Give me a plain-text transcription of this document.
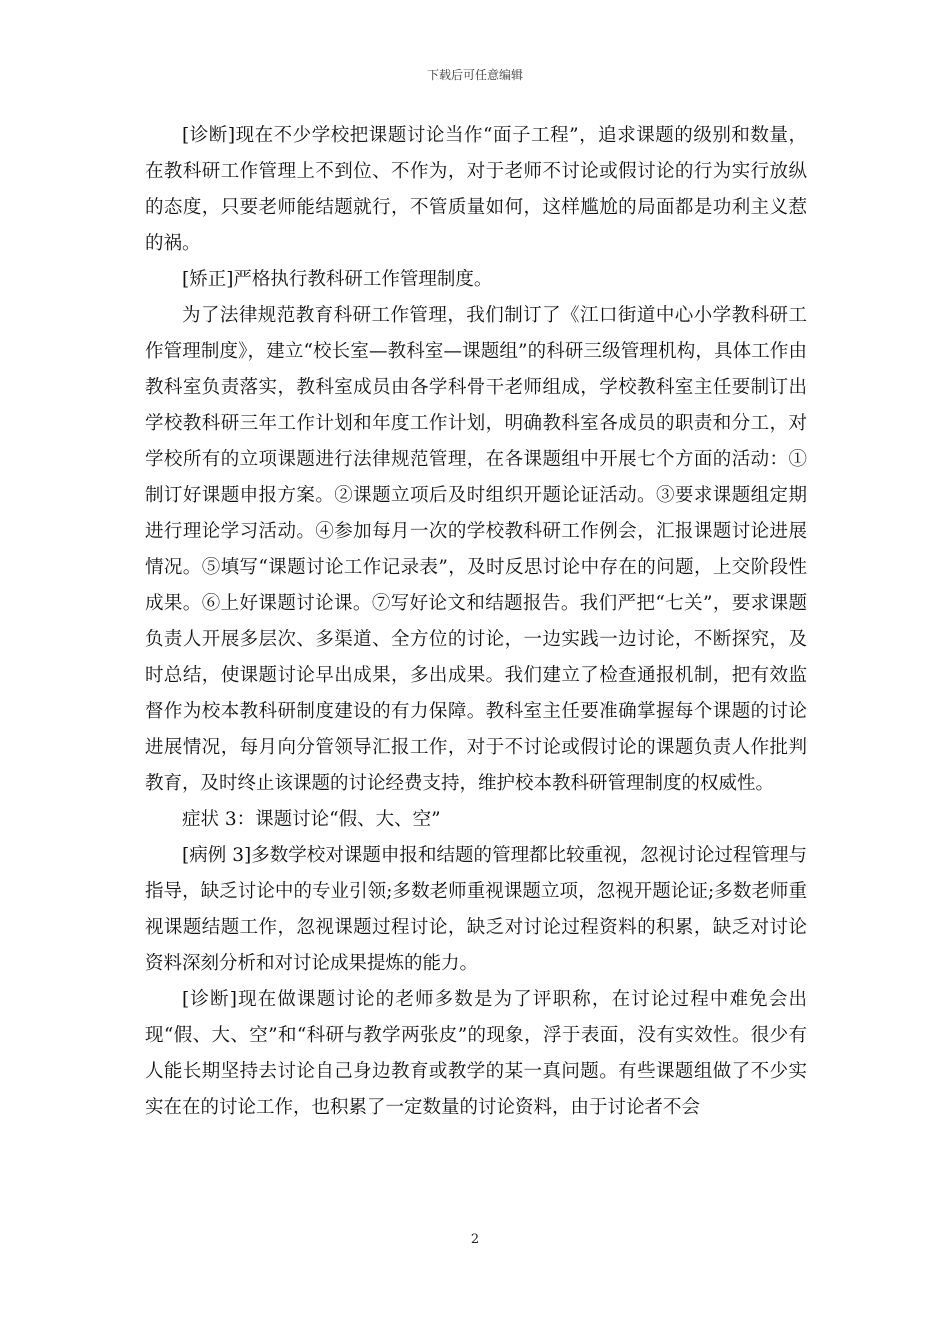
下载后可任意编辑

[诊断]现在不少学校把课题讨论当作“面子工程”，追求课题的级别和数量，在教科研工作管理上不到位、不作为，对于老师不讨论或假讨论的行为实行放纵的态度，只要老师能结题就行，不管质量如何，这样尴尬的局面都是功利主义惹的祸。

[矫正]严格执行教科研工作管理制度。

为了法律规范教育科研工作管理，我们制订了《江口街道中心小学教科研工作管理制度》，建立“校长室—教科室—课题组”的科研三级管理机构，具体工作由教科室负责落实，教科室成员由各学科骨干老师组成，学校教科室主任要制订出学校教科研三年工作计划和年度工作计划，明确教科室各成员的职责和分工，对学校所有的立项课题进行法律规范管理，在各课题组中开展七个方面的活动：①制订好课题申报方案。②课题立项后及时组织开题论证活动。③要求课题组定期进行理论学习活动。④参加每月一次的学校教科研工作例会，汇报课题讨论进展情况。⑤填写“课题讨论工作记录表”，及时反思讨论中存在的问题，上交阶段性成果。⑥上好课题讨论课。⑦写好论文和结题报告。我们严把“七关”，要求课题负责人开展多层次、多渠道、全方位的讨论，一边实践一边讨论，不断探究，及时总结，使课题讨论早出成果，多出成果。我们建立了检查通报机制，把有效监督作为校本教科研制度建设的有力保障。教科室主任要准确掌握每个课题的讨论进展情况，每月向分管领导汇报工作，对于不讨论或假讨论的课题负责人作批判教育，及时终止该课题的讨论经费支持，维护校本教科研管理制度的权威性。

症状 3：课题讨论“假、大、空”

[病例 3]多数学校对课题申报和结题的管理都比较重视，忽视讨论过程管理与指导，缺乏讨论中的专业引领;多数老师重视课题立项，忽视开题论证;多数老师重视课题结题工作，忽视课题过程讨论，缺乏对讨论过程资料的积累，缺乏对讨论资料深刻分析和对讨论成果提炼的能力。

[诊断]现在做课题讨论的老师多数是为了评职称，在讨论过程中难免会出现“假、大、空”和“科研与教学两张皮”的现象，浮于表面，没有实效性。很少有人能长期坚持去讨论自己身边教育或教学的某一真问题。有些课题组做了不少实实在在的讨论工作，也积累了一定数量的讨论资料，由于讨论者不会

2
